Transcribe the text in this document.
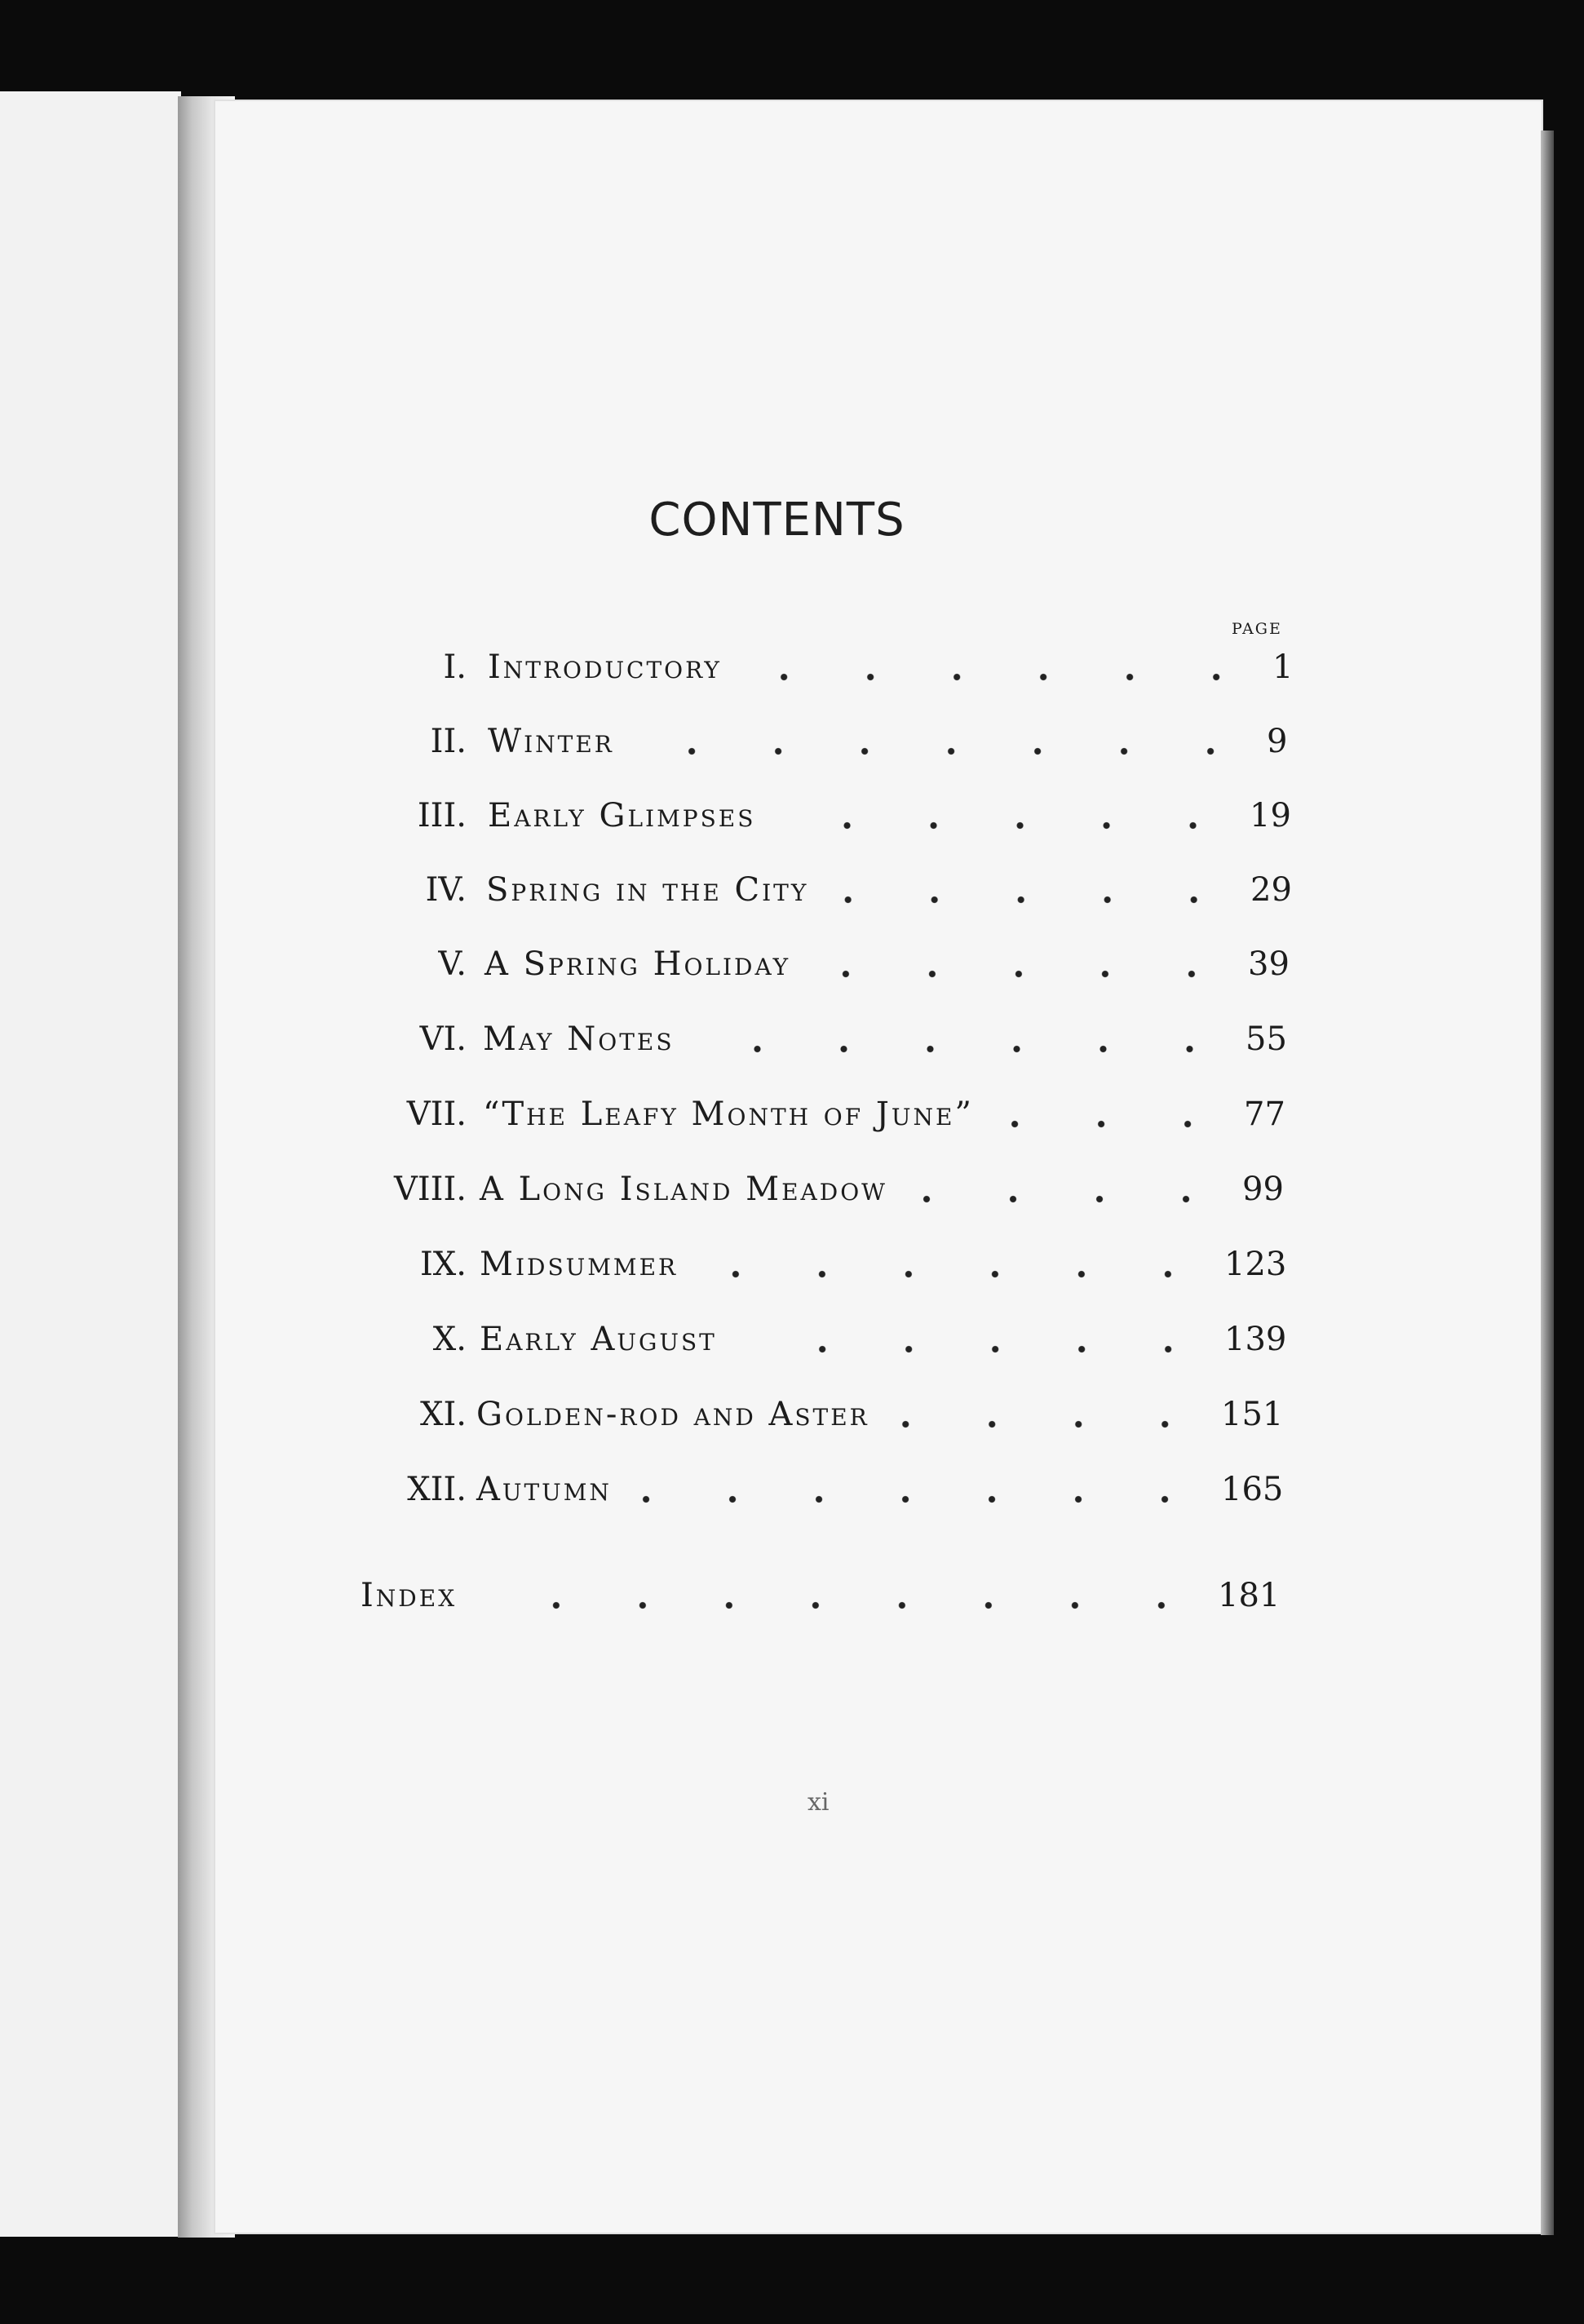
CONTENTS
PAGE
I. Introductory	1
II. Winter	9
III. Early Glimpses	19
IV. Spring in the City	29
V. A Spring Holiday	39
VI. May Notes	55
VII. “The Leafy Month of June”	77
VIII. A Long Island Meadow	99
IX. Midsummer	123
X. Early August	139
XI. Golden-rod and Aster	151
XII. Autumn	165
Index	181
xi
